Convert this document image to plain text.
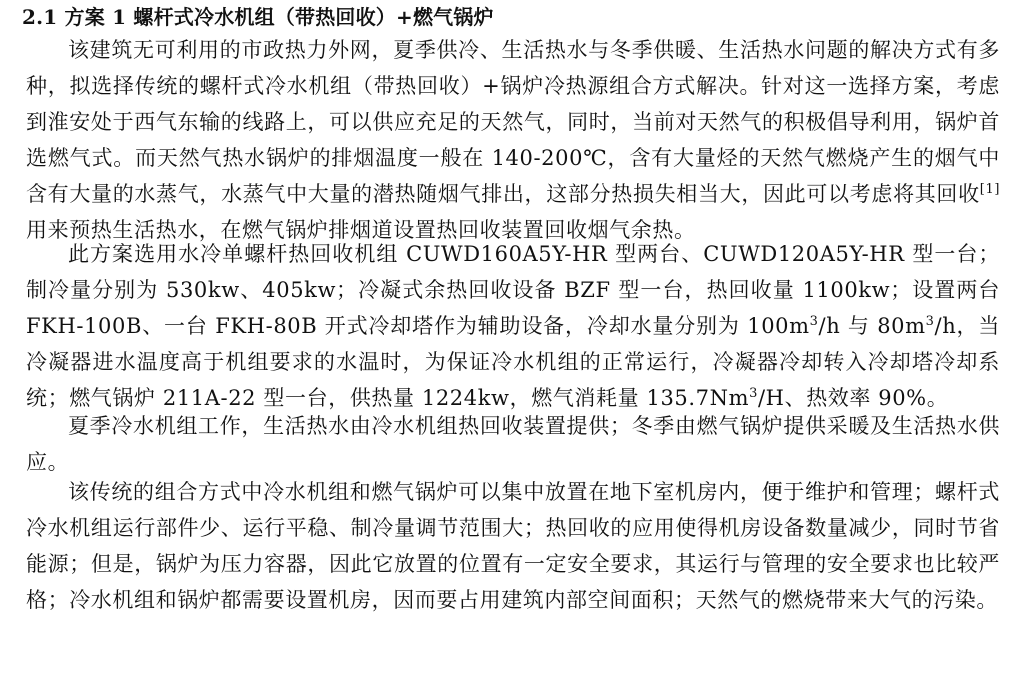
2.1 方案 1 螺杆式冷水机组（带热回收）+燃气锅炉

该建筑无可利用的市政热力外网，夏季供冷、生活热水与冬季供暖、生活热水问题的解决方式有多种，拟选择传统的螺杆式冷水机组（带热回收）+锅炉冷热源组合方式解决。针对这一选择方案，考虑到淮安处于西气东输的线路上，可以供应充足的天然气，同时，当前对天然气的积极倡导利用，锅炉首选燃气式。而天然气热水锅炉的排烟温度一般在 140-200℃，含有大量烃的天然气燃烧产生的烟气中含有大量的水蒸气，水蒸气中大量的潜热随烟气排出，这部分热损失相当大，因此可以考虑将其回收[1]用来预热生活热水，在燃气锅炉排烟道设置热回收装置回收烟气余热。

此方案选用水冷单螺杆热回收机组 CUWD160A5Y-HR 型两台、CUWD120A5Y-HR 型一台；制冷量分别为 530kw、405kw；冷凝式余热回收设备 BZF 型一台，热回收量 1100kw；设置两台 FKH-100B、一台 FKH-80B 开式冷却塔作为辅助设备，冷却水量分别为 $100m^3/h$ 与 $80m^3/h$，当冷凝器进水温度高于机组要求的水温时，为保证冷水机组的正常运行，冷凝器冷却转入冷却塔冷却系统；燃气锅炉 211A-22 型一台，供热量 1224kw，燃气消耗量 135.7Nm$^3$/H、热效率 90%。

夏季冷水机组工作，生活热水由冷水机组热回收装置提供；冬季由燃气锅炉提供采暖及生活热水供应。

该传统的组合方式中冷水机组和燃气锅炉可以集中放置在地下室机房内，便于维护和管理；螺杆式冷水机组运行部件少、运行平稳、制冷量调节范围大；热回收的应用使得机房设备数量减少，同时节省能源；但是，锅炉为压力容器，因此它放置的位置有一定安全要求，其运行与管理的安全要求也比较严格；冷水机组和锅炉都需要设置机房，因而要占用建筑内部空间面积；天然气的燃烧带来大气的污染。
